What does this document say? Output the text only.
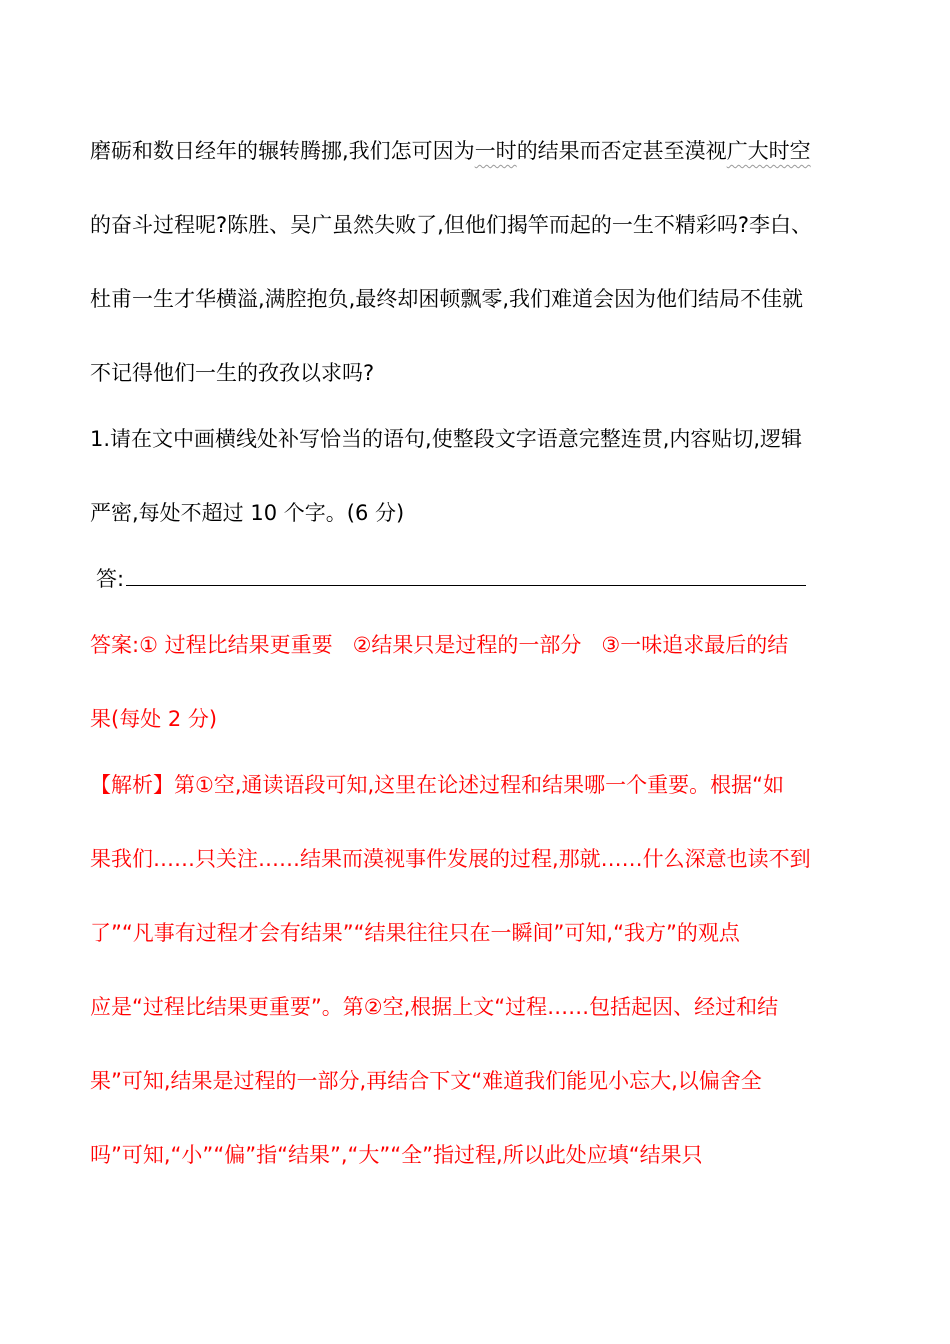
磨砺和数日经年的辗转腾挪,我们怎可因为一时的结果而否定甚至漠视广大时空
的奋斗过程呢?陈胜、吴广虽然失败了,但他们揭竿而起的一生不精彩吗?李白、
杜甫一生才华横溢,满腔抱负,最终却困顿飘零,我们难道会因为他们结局不佳就
不记得他们一生的孜孜以求吗?
1.请在文中画横线处补写恰当的语句,使整段文字语意完整连贯,内容贴切,逻辑
严密,每处不超过 10 个字。(6 分)
答:
答案:① 过程比结果更重要 ②结果只是过程的一部分 ③一味追求最后的结
果(每处 2 分)
【解析】第①空,通读语段可知,这里在论述过程和结果哪一个重要。根据“如
果我们……只关注……结果而漠视事件发展的过程,那就……什么深意也读不到
了”“凡事有过程才会有结果”“结果往往只在一瞬间”可知,“我方”的观点
应是“过程比结果更重要”。第②空,根据上文“过程……包括起因、经过和结
果”可知,结果是过程的一部分,再结合下文“难道我们能见小忘大,以偏舍全
吗”可知,“小”“偏”指“结果”,“大”“全”指过程,所以此处应填“结果只
